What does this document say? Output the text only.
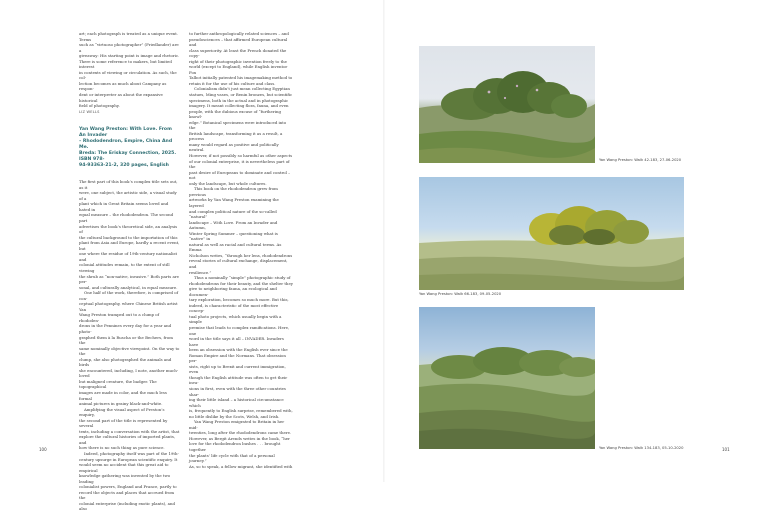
art; each photograph is treated as a unique event. Terms

such as “virtuoso photographer” (Friedlander) are a

giveaway: His starting point is image and rhetoric.

There is some reference to makers, but limited interest

in contexts of viewing or circulation. As such, the col-

lection becomes as much about Campany as respon-

dent or interpreter as about the expansive historical

field of photography.

LIZ WELLS
Yan Wang Preston: With Love. From An Invader
– Rhododendron, Empire, China And Me.
Breda: The Eriskay Connection, 2025. ISBN 978-
94-93363-21-2, 320 pages, English

The first part of this book’s complex title sets out, as it

were, one subject, the artistic side, a visual study of a

plant which in Great Britain seems loved and hated in

equal measure – the rhododendron. The second part

advertises the book’s theoretical side, an analysis of

the cultural background to the importation of this

plant from Asia and Europe, hardly a recent event, but

one where the residue of 19th-century nationalist and

colonial attitudes remain, to the extent of still viewing

the shrub as “non-native, invasive.” Both parts are per-

sonal, and culturally analytical, in equal measure.

One half of the work, therefore, is comprised of con-

ceptual photography, where Chinese British artist Yan

Wang Preston tramped out to a clump of rhododen-

drons in the Pennines every day for a year and photo-

graphed them à la Ruscha or the Bechers, from the

same nominally objective viewpoint. On the way to the

clump, she also photographed the animals and birds

she encountered, including, I note, another much-loved

but maligned creature, the badger. The topographical

images are made in color, and the much less formal

animal pictures in grainy black-and-white.

Amplifying the visual aspect of Preston’s enquiry,

the second part of the title is represented by several

texts, including a conversation with the artist, that

explore the cultural histories of imported plants, and

how there is no such thing as pure science.

Indeed, photography itself was part of the 19th-

century upsurge in European scientific enquiry. It

would seem no accident that this great aid to empirical

knowledge gathering was invented by the two leading

colonialist powers, England and France, partly to

record the objects and places that accrued from the

colonial enterprise (including exotic plants), and also

to further anthropologically related sciences – and

pseudosciences – that affirmed European cultural and

class superiority. At least the French donated the copy-

right of their photographic invention freely to the

world (except to England), while English inventor Fox

Talbot initially patented his imagemaking method to

retain it for the use of his culture and class.

Colonialism didn’t just mean collecting Egyptian

statues, Ming vases, or Benin bronzes, but scientific

specimens, both in the actual and in photographic

imagery. It meant collecting flora, fauna, and even

people, with the dubious excuse of “furthering knowl-

edge.” Botanical specimens were introduced into the

British landscape, transforming it as a result, a process

many would regard as positive and politically neutral.

However, if not possibly so harmful as other aspects

of our colonial enterprise, it is nevertheless part of the

past desire of Europeans to dominate and control – not

only the landscape, but whole cultures.

This book on the rhododendron grew from previous

artworks by Yan Wang Preston examining the layered

and complex political nature of the so-called “natural”

landscape – With Love. From an Invader and Autumn,

Winter Spring Summer – questioning what is “native” in

natural as well as racial and cultural terms. As Emma

Nicholson writes, “through her lens, rhododendrons

reveal stories of cultural exchange, displacement, and

resilience.”

Thus a nominally “simple” photographic study of

rhododendrons for their beauty, and the shelter they

give to neighboring fauna, an ecological and documen-

tary exploration, becomes so much more. But this,

indeed, is characteristic of the most effective concep-

tual photo projects, which usually begin with a simple

premise that leads to complex ramifications. Here, one

word in the title says it all – INVADER. Invaders have

been an obsession with the English ever since the

Roman Empire and the Normans. That obsession per-

sists, right up to Brexit and current immigration, even

though the English attitude was often to get their inva-

sions in first, even with the three other countries shar-

ing their little island – a historical circumstance which

is, frequently to English surprise, remembered with,

no little dislike by the Scots, Welsh, and Irish.

Yan Wang Preston emigrated to Britain in her mid-

twenties, long after the rhododendrons came there.

However, as Bergit Arends writes in the book, “her

love for the rhododendron bushes . . . brought together

the plants’ life cycle with that of a personal journey.”

As, so to speak, a fellow migrant, she identified with

100
Yan Wang Preston: Walk 42-183, 27-06-2020
Yan Wang Preston: Walk 66-183, 09-05-2020
Yan Wang Preston: Walk 134-183, 05-10-2020	101
